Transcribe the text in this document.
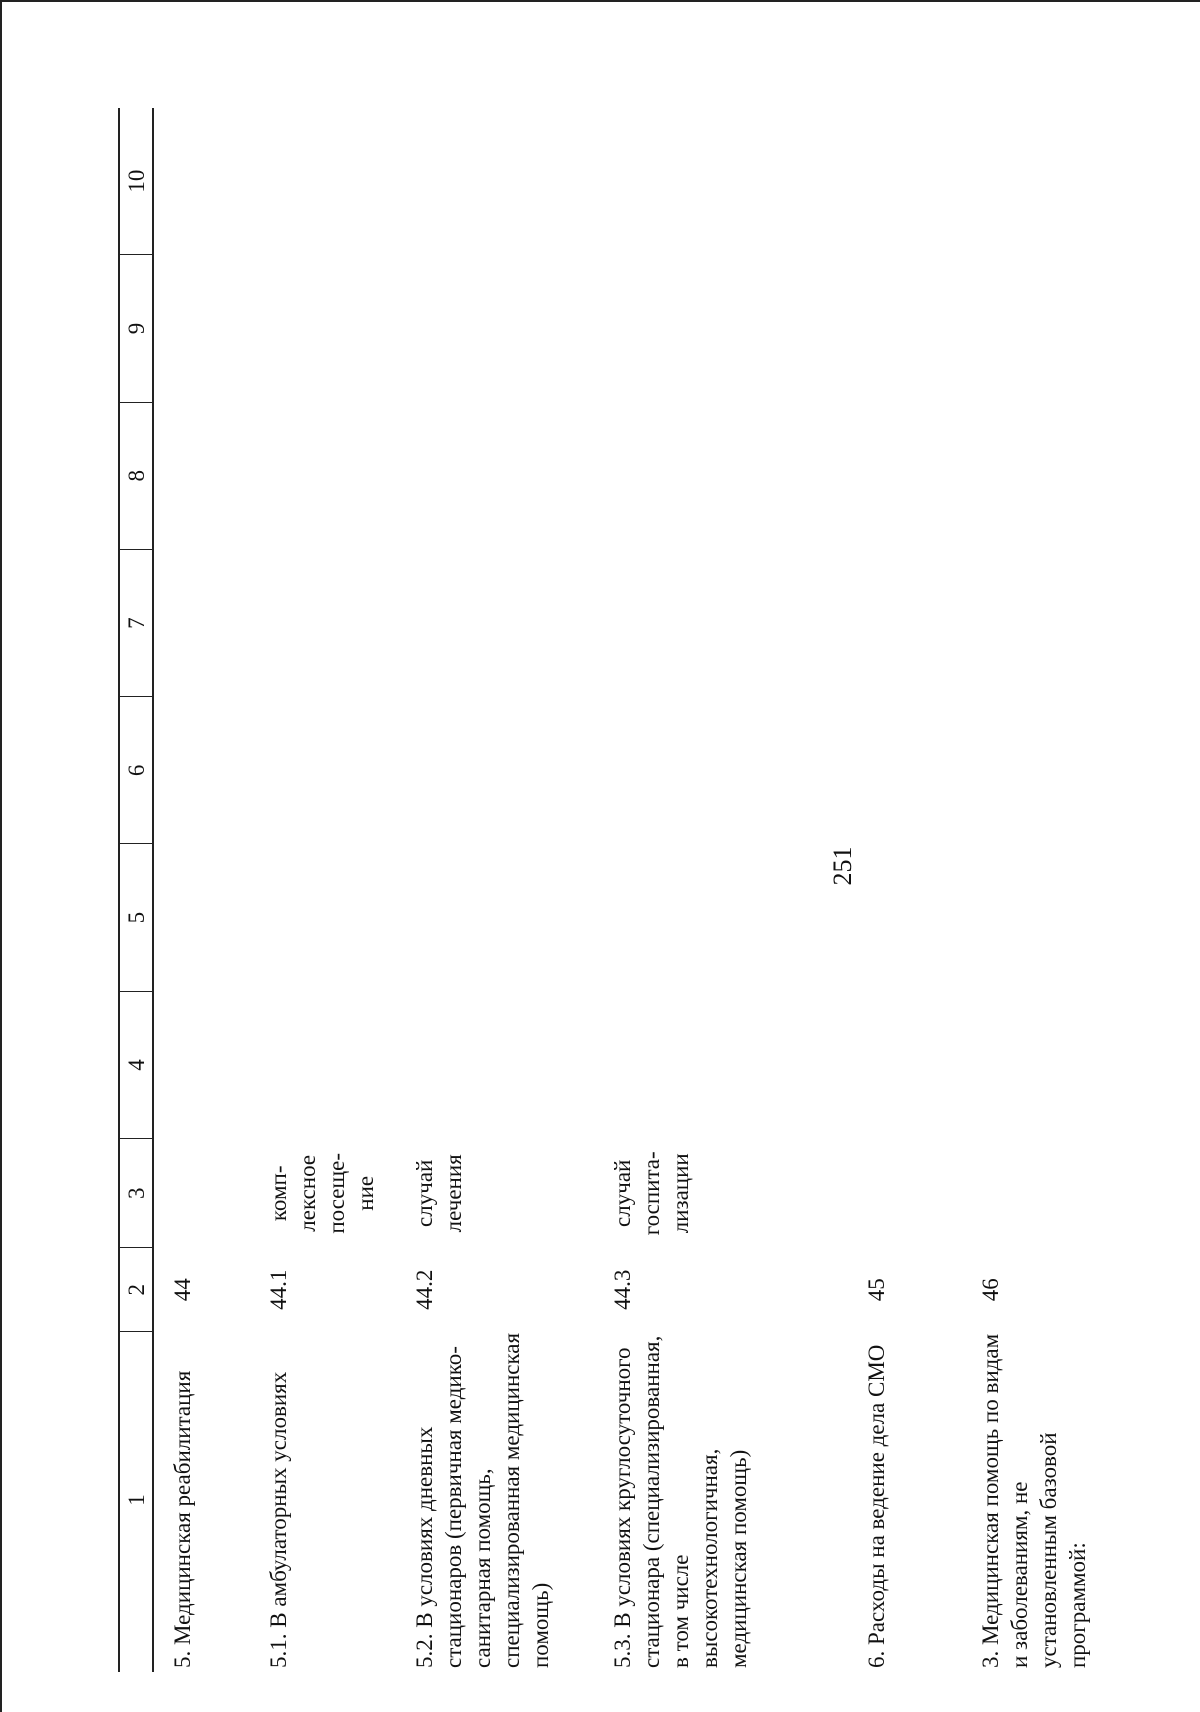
251
1	2	3	4	5	6	7	8	9	10
5. Медицинская реабилитация	44								
5.1. В амбулаторных условиях	44.1	комп-лексное посеще-ние							
5.2. В условиях дневных стационаров (первичная медико-санитарная помощь, специализированная медицинская помощь)	44.2	случай лечения							
5.3. В условиях круглосуточного стационара (специализированная, в том числе высокотехнологичная, медицинская помощь)	44.3	случай госпита-лизации							
6. Расходы на ведение дела СМО	45								
3. Медицинская помощь по видам и заболеваниям, не установленным базовой программой:	46								
